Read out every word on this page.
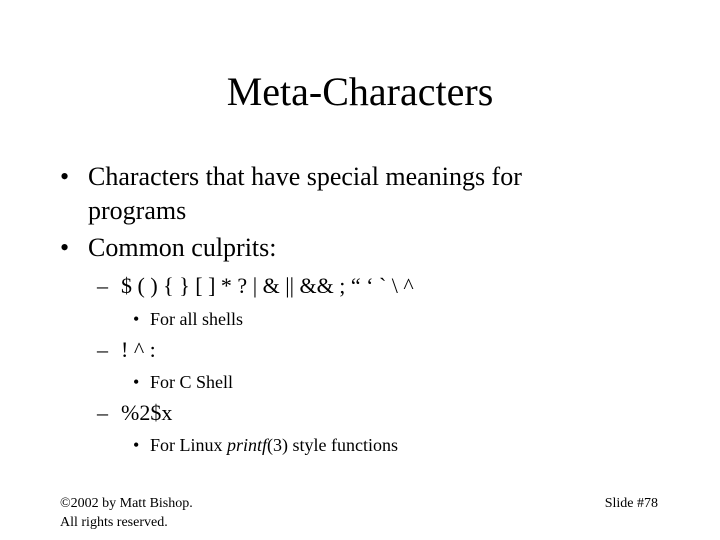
Meta-Characters
• Characters that have special meanings for programs
• Common culprits:
– $ ( ) { } [ ] * ? | & || && ; “ ‘ ` \ ^
• For all shells
– ! ^ :
• For C Shell
– %2$x
• For Linux printf(3) style functions
©2002 by Matt Bishop.
All rights reserved.
Slide #78
